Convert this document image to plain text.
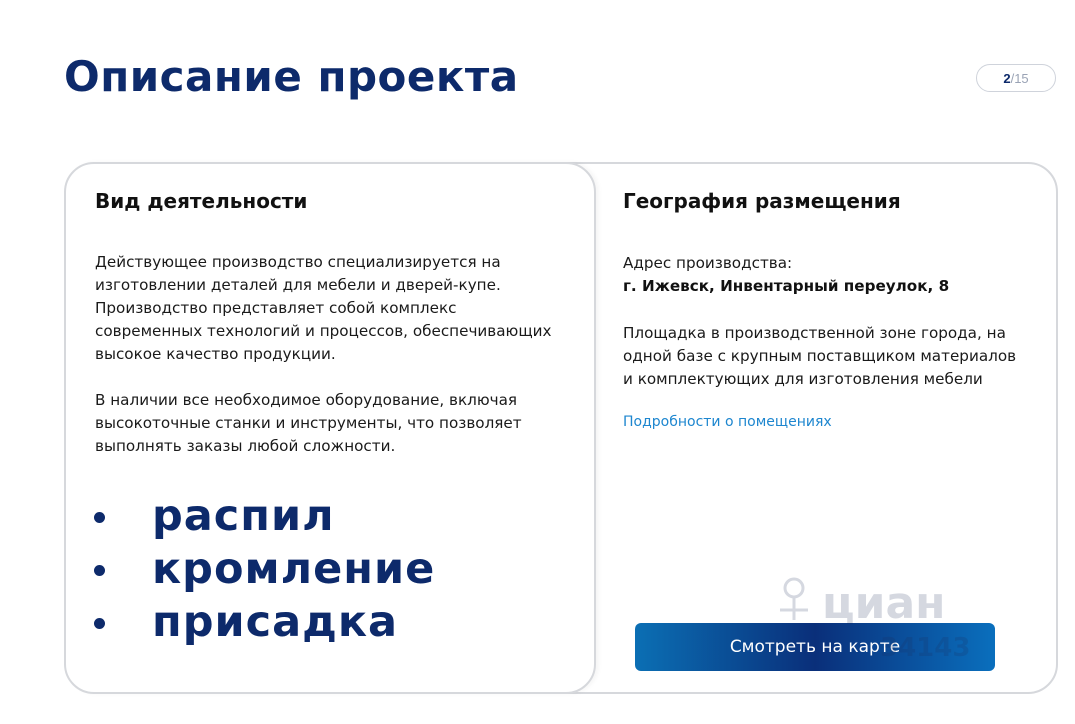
Описание проекта	2 / 15
География размещения

Адрес производства:
г. Ижевск, Инвентарный переулок, 8

Площадка в производственной зоне города, на
одной базе с крупным поставщиком материалов
и комплектующих для изготовления мебели

Подробности о помещениях
Смотреть на карте
Вид деятельности

Действующее производство специализируется на
изготовлении деталей для мебели и дверей-купе.
Производство представляет собой комплекс
современных технологий и процессов, обеспечивающих
высокое качество продукции.

В наличии все необходимое оборудование, включая
высокоточные станки и инструменты, что позволяет
выполнять заказы любой сложности.

распил
кромление
присадка
